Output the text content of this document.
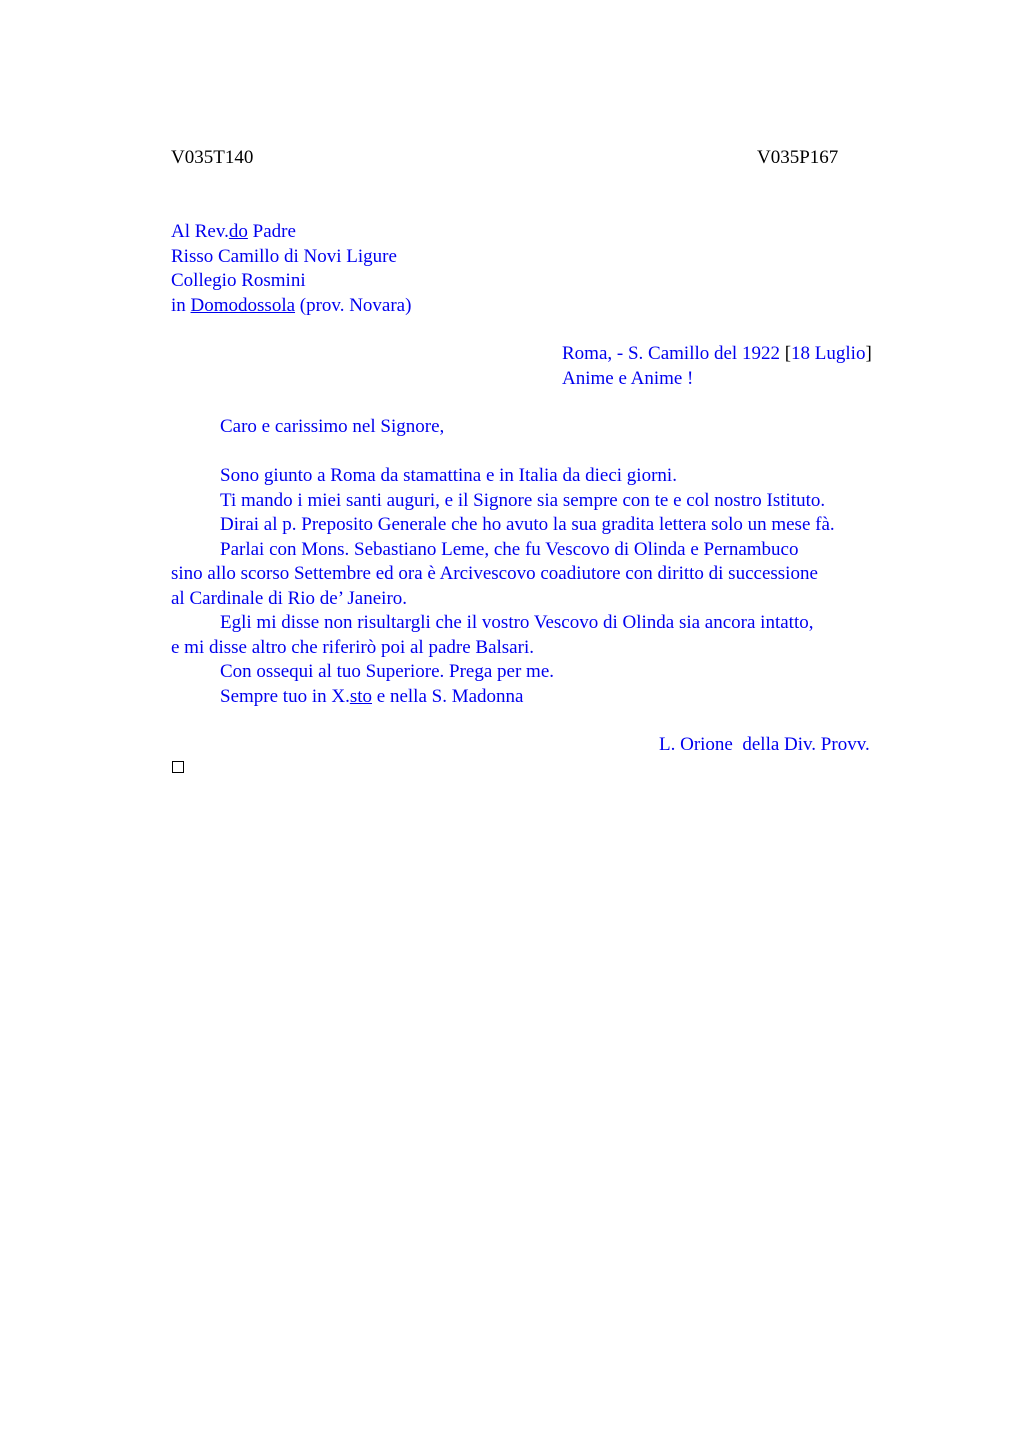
V035T140	V035P167
Al Rev.do Padre
Risso Camillo di Novi Ligure
Collegio Rosmini
in Domodossola (prov. Novara)
Roma, - S. Camillo del 1922 [18 Luglio]
Anime e Anime !
Caro e carissimo nel Signore,
Sono giunto a Roma da stamattina e in Italia da dieci giorni.
Ti mando i miei santi auguri, e il Signore sia sempre con te e col nostro Istituto.
Dirai al p. Preposito Generale che ho avuto la sua gradita lettera solo un mese fà.
Parlai con Mons. Sebastiano Leme, che fu Vescovo di Olinda e Pernambuco
sino allo scorso Settembre ed ora è Arcivescovo coadiutore con diritto di successione
al Cardinale di Rio de’ Janeiro.
Egli mi disse non risultargli che il vostro Vescovo di Olinda sia ancora intatto,
e mi disse altro che riferirò poi al padre Balsari.
Con ossequi al tuo Superiore. Prega per me.
Sempre tuo in X.sto e nella S. Madonna
L. Orione  della Div. Provv.
